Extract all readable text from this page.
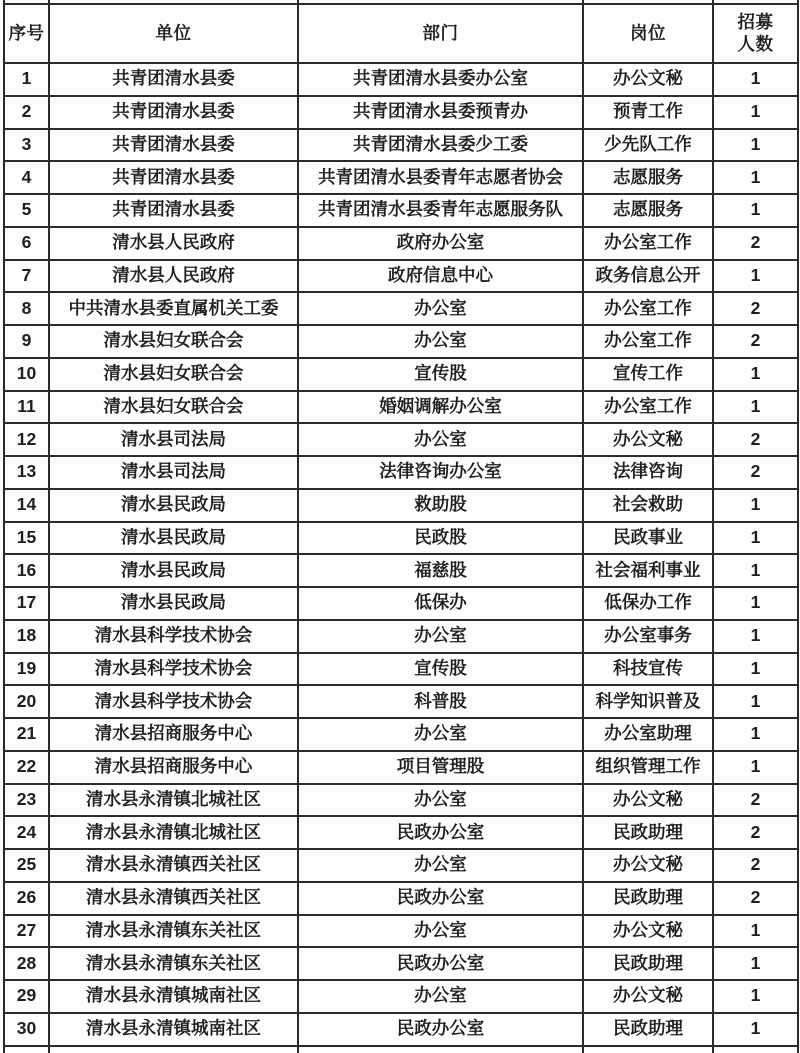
序号	单位	部门	岗位	招募人数
1	共青团清水县委	共青团清水县委办公室	办公文秘	1
2	共青团清水县委	共青团清水县委预青办	预青工作	1
3	共青团清水县委	共青团清水县委少工委	少先队工作	1
4	共青团清水县委	共青团清水县委青年志愿者协会	志愿服务	1
5	共青团清水县委	共青团清水县委青年志愿服务队	志愿服务	1
6	清水县人民政府	政府办公室	办公室工作	2
7	清水县人民政府	政府信息中心	政务信息公开	1
8	中共清水县委直属机关工委	办公室	办公室工作	2
9	清水县妇女联合会	办公室	办公室工作	2
10	清水县妇女联合会	宣传股	宣传工作	1
11	清水县妇女联合会	婚姻调解办公室	办公室工作	1
12	清水县司法局	办公室	办公文秘	2
13	清水县司法局	法律咨询办公室	法律咨询	2
14	清水县民政局	救助股	社会救助	1
15	清水县民政局	民政股	民政事业	1
16	清水县民政局	福慈股	社会福利事业	1
17	清水县民政局	低保办	低保办工作	1
18	清水县科学技术协会	办公室	办公室事务	1
19	清水县科学技术协会	宣传股	科技宣传	1
20	清水县科学技术协会	科普股	科学知识普及	1
21	清水县招商服务中心	办公室	办公室助理	1
22	清水县招商服务中心	项目管理股	组织管理工作	1
23	清水县永清镇北城社区	办公室	办公文秘	2
24	清水县永清镇北城社区	民政办公室	民政助理	2
25	清水县永清镇西关社区	办公室	办公文秘	2
26	清水县永清镇西关社区	民政办公室	民政助理	2
27	清水县永清镇东关社区	办公室	办公文秘	1
28	清水县永清镇东关社区	民政办公室	民政助理	1
29	清水县永清镇城南社区	办公室	办公文秘	1
30	清水县永清镇城南社区	民政办公室	民政助理	1
